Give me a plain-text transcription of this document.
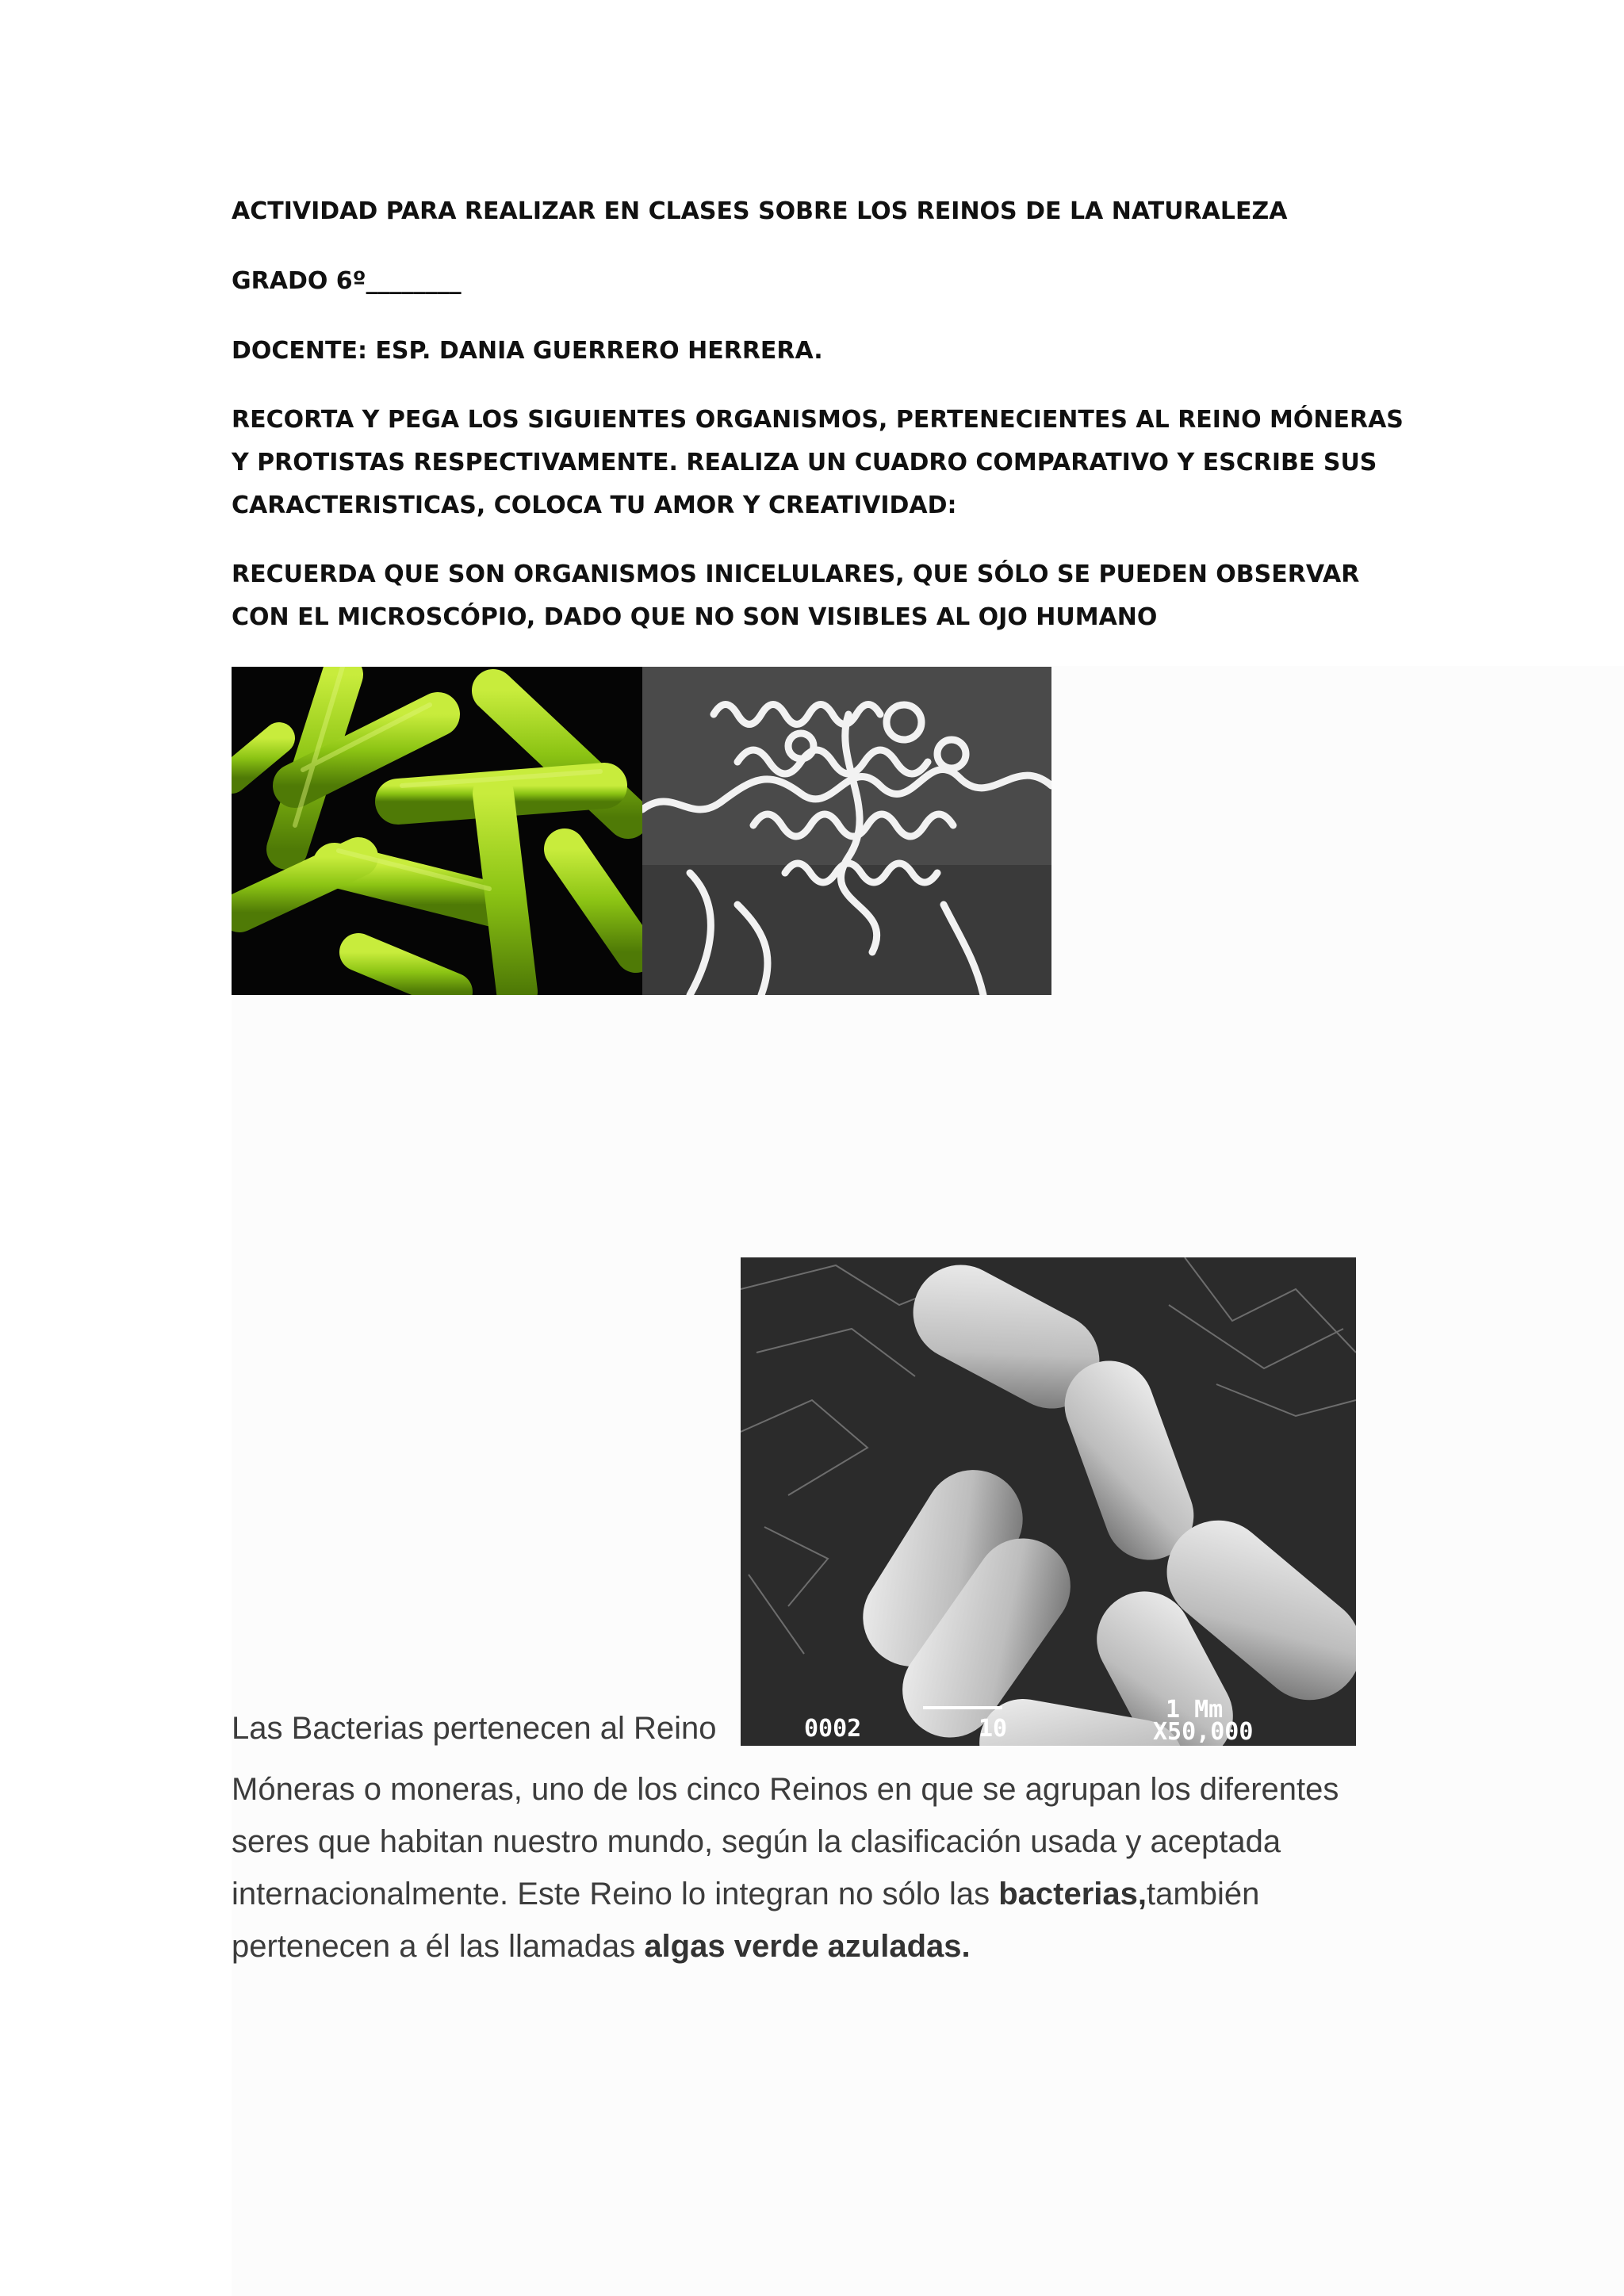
ACTIVIDAD PARA REALIZAR EN CLASES SOBRE LOS REINOS DE LA NATURALEZA

GRADO 6º________

DOCENTE: ESP. DANIA GUERRERO HERRERA.

RECORTA Y PEGA LOS SIGUIENTES ORGANISMOS, PERTENECIENTES AL REINO MÓNERAS Y PROTISTAS RESPECTIVAMENTE. REALIZA UN CUADRO COMPARATIVO Y ESCRIBE SUS CARACTERISTICAS, COLOCA TU AMOR Y CREATIVIDAD:

RECUERDA QUE SON ORGANISMOS INICELULARES, QUE SÓLO SE PUEDEN OBSERVAR CON EL MICROSCÓPIO, DADO QUE NO SON VISIBLES AL OJO HUMANO

0002	10
1 Mm
X50,000

Las Bacterias pertenecen al Reino

Móneras o moneras, uno de los cinco Reinos en que se agrupan los diferentes seres que habitan nuestro mundo, según la clasificación usada y aceptada internacionalmente. Este Reino lo integran no sólo las bacterias,también pertenecen a él las llamadas algas verde azuladas.
